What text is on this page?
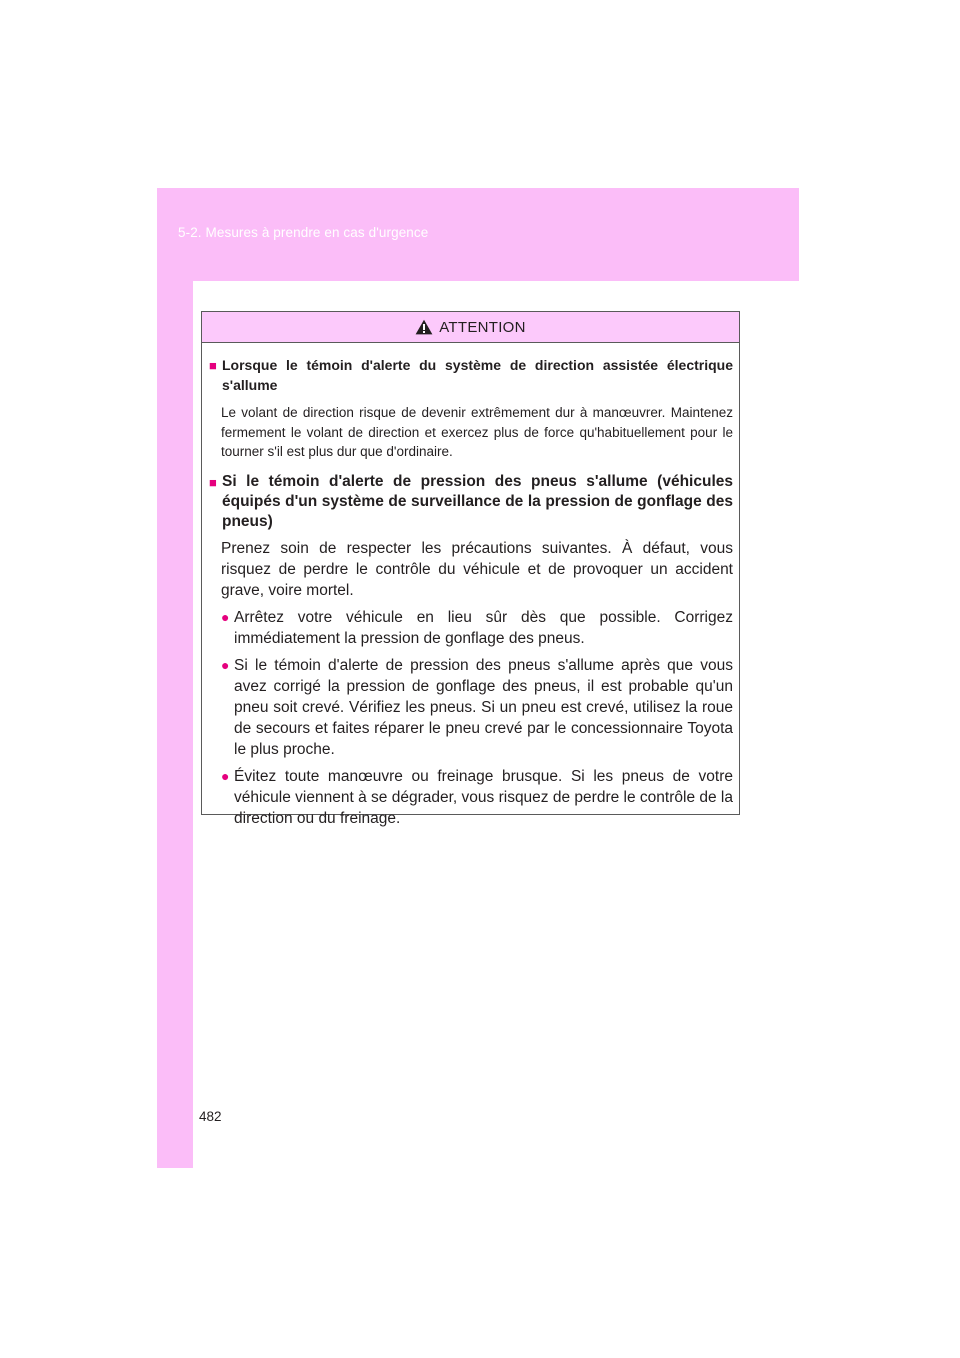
5-2. Mesures à prendre en cas d'urgence
ATTENTION
■ Lorsque le témoin d'alerte du système de direction assistée électrique s'allume
Le volant de direction risque de devenir extrêmement dur à manœuvrer. Maintenez fermement le volant de direction et exercez plus de force qu'habituellement pour le tourner s'il est plus dur que d'ordinaire.
■ Si le témoin d'alerte de pression des pneus s'allume (véhicules équipés d'un système de surveillance de la pression de gonflage des pneus)
Prenez soin de respecter les précautions suivantes. À défaut, vous risquez de perdre le contrôle du véhicule et de provoquer un accident grave, voire mortel.
● Arrêtez votre véhicule en lieu sûr dès que possible. Corrigez immédiatement la pression de gonflage des pneus.
● Si le témoin d'alerte de pression des pneus s'allume après que vous avez corrigé la pression de gonflage des pneus, il est probable qu'un pneu soit crevé. Vérifiez les pneus. Si un pneu est crevé, utilisez la roue de secours et faites réparer le pneu crevé par le concessionnaire Toyota le plus proche.
● Évitez toute manœuvre ou freinage brusque. Si les pneus de votre véhicule viennent à se dégrader, vous risquez de perdre le contrôle de la direction ou du freinage.
482
